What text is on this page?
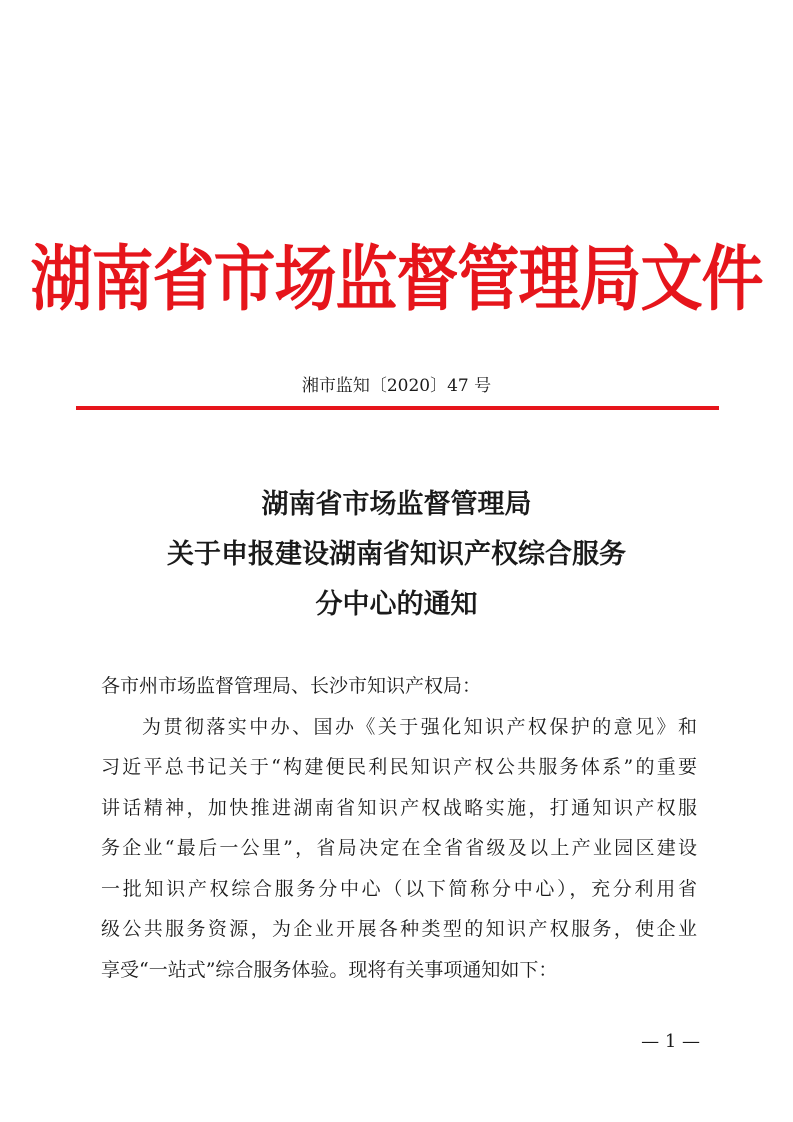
湖南省市场监督管理局文件
湘市监知〔2020〕47 号
湖南省市场监督管理局
关于申报建设湖南省知识产权综合服务
分中心的通知
各市州市场监督管理局、长沙市知识产权局：
为贯彻落实中办、国办《关于强化知识产权保护的意见》和
习近平总书记关于“构建便民利民知识产权公共服务体系”的重要
讲话精神，加快推进湖南省知识产权战略实施，打通知识产权服
务企业“最后一公里”，省局决定在全省省级及以上产业园区建设
一批知识产权综合服务分中心（以下简称分中心），充分利用省
级公共服务资源，为企业开展各种类型的知识产权服务，使企业
享受“一站式”综合服务体验。现将有关事项通知如下：
— 1 —
